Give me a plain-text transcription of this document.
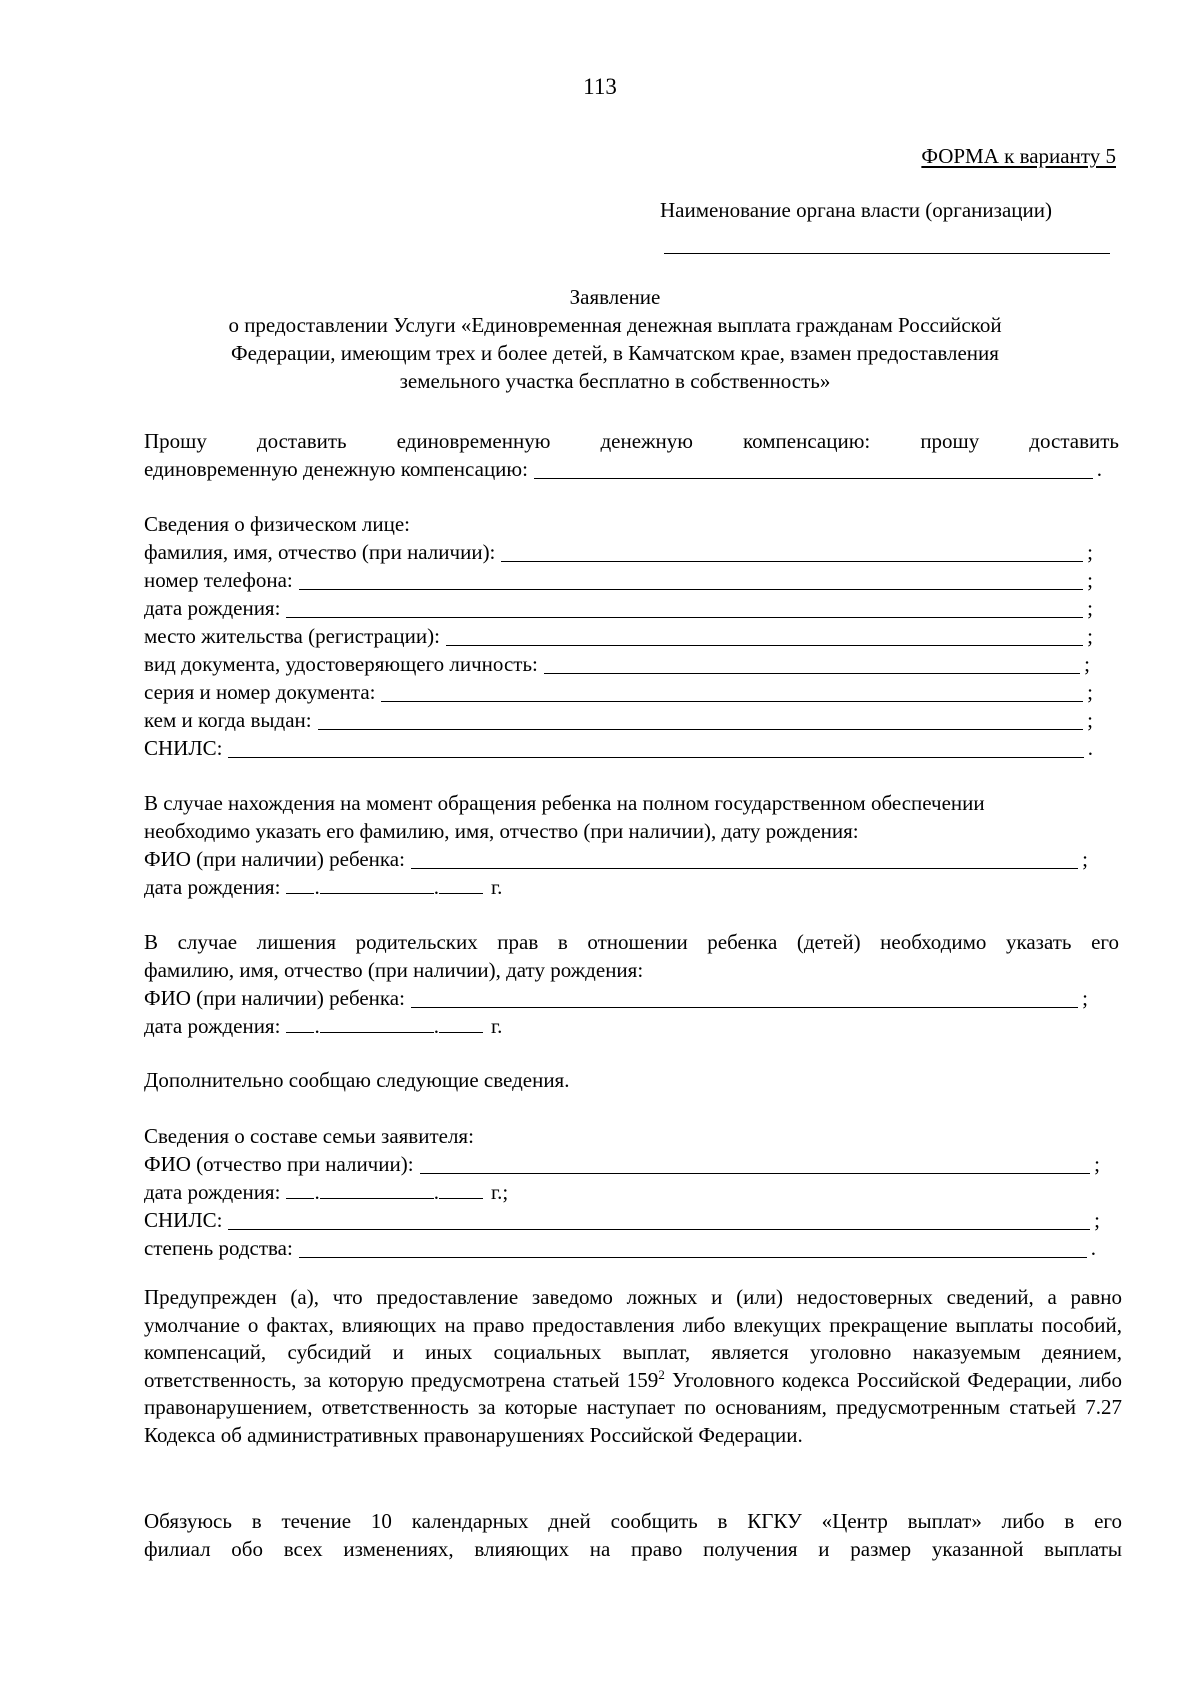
113
ФОРМА к варианту 5
Наименование органа власти (организации)
Заявление
о предоставлении Услуги «Единовременная денежная выплата гражданам Российской
Федерации, имеющим трех и более детей, в Камчатском крае, взамен предоставления
земельного участка бесплатно в собственность»
Прошу доставить единовременную денежную компенсацию: прошу доставить
единовременную денежную компенсацию:	.
Сведения о физическом лице:
фамилия, имя, отчество (при наличии):	;
номер телефона:	;
дата рождения:	;
место жительства (регистрации):	;
вид документа, удостоверяющего личность:	;
серия и номер документа:	;
кем и когда выдан:	;
СНИЛС:	.
В случае нахождения на момент обращения ребенка на полном государственном обеспечении
необходимо указать его фамилию, имя, отчество (при наличии), дату рождения:
ФИО (при наличии) ребенка:	;
дата рождения: .	. г.
В случае лишения родительских прав в отношении ребенка (детей) необходимо указать его
фамилию, имя, отчество (при наличии), дату рождения:
ФИО (при наличии) ребенка:	;
дата рождения: .	. г.
Дополнительно сообщаю следующие сведения.
Сведения о составе семьи заявителя:
ФИО (отчество при наличии):	;
дата рождения: .	. г.;
СНИЛС:	;
степень родства:	.
Предупрежден (а), что предоставление заведомо ложных и (или) недостоверных сведений, а равно умолчание о фактах, влияющих на право предоставления либо влекущих прекращение выплаты пособий, компенсаций, субсидий и иных социальных выплат, является уголовно наказуемым деянием, ответственность, за которую предусмотрена статьей $159^2$ Уголовного кодекса Российской Федерации, либо правонарушением, ответственность за которые наступает по основаниям, предусмотренным статьей 7.27 Кодекса об административных правонарушениях Российской Федерации.
Обязуюсь в течение 10 календарных дней сообщить в КГКУ «Центр выплат» либо в его
филиал обо всех изменениях, влияющих на право получения и размер указанной выплаты
